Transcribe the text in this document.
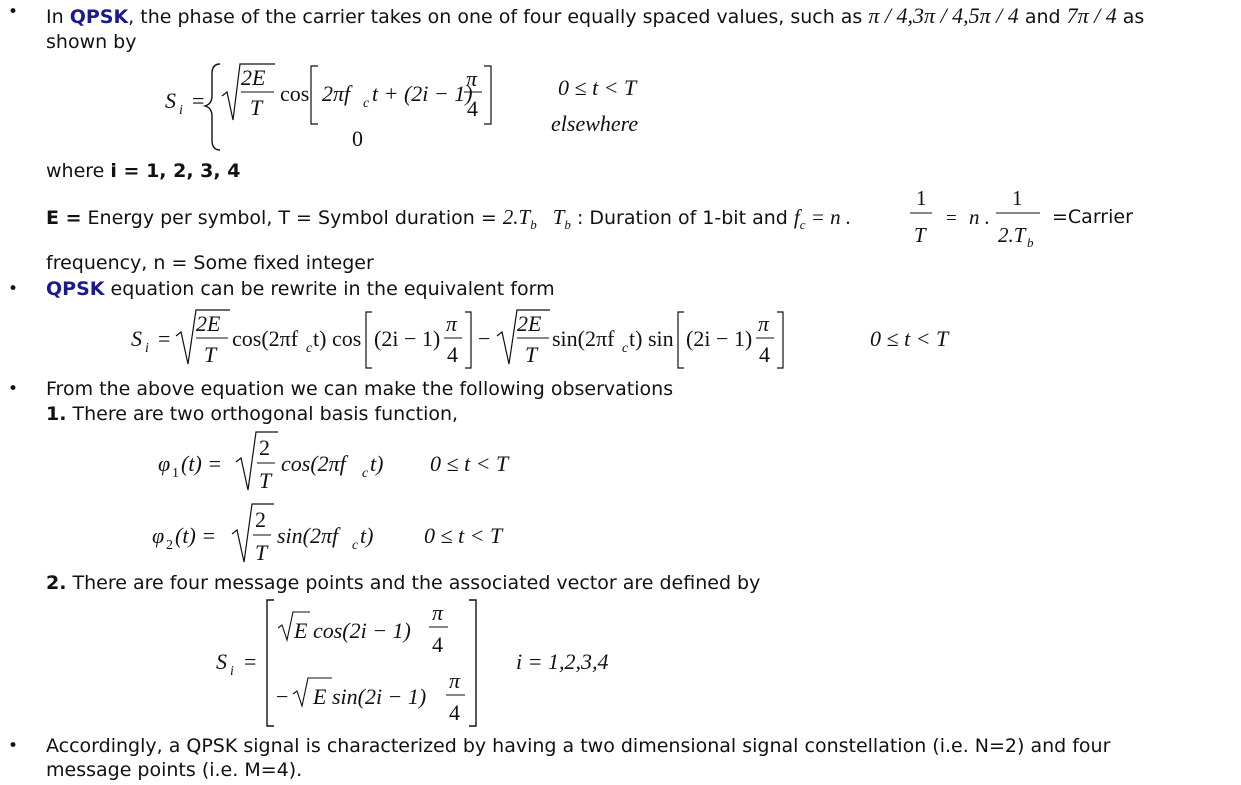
• In QPSK, the phase of the carrier takes on one of four equally spaced values, such as π / 4,3π / 4,5π / 4 and 7π / 4 as
shown by
S i =
2E
T
cos 2πf c t + (2i − 1)
π
4
0
0 ≤ t < T
elsewhere
where i = 1, 2, 3, 4
E = Energy per symbol, T = Symbol duration = $2.T_b$ $T_b$ : Duration of 1-bit and $f_c = n$ .
1
T
= n .
1
2.T b
=Carrier
frequency, n = Some fixed integer
• QPSK equation can be rewrite in the equivalent form
S i =
2E
T
cos(2πf c t) cos (2i − 1)
π
4
−
2E
T
sin(2πf c t) sin (2i − 1)
π
4
0 ≤ t < T
• From the above equation we can make the following observations
1. There are two orthogonal basis function,
φ 1 (t) =
2
T
cos(2πf c t) 0 ≤ t < T
φ 2 (t) =
2
T
sin(2πf c t) 0 ≤ t < T
2. There are four message points and the associated vector are defined by
S i =
E cos(2i − 1)
π
4
− E sin(2i − 1)
π
4
i = 1,2,3,4
• Accordingly, a QPSK signal is characterized by having a two dimensional signal constellation (i.e. N=2) and four
message points (i.e. M=4).
